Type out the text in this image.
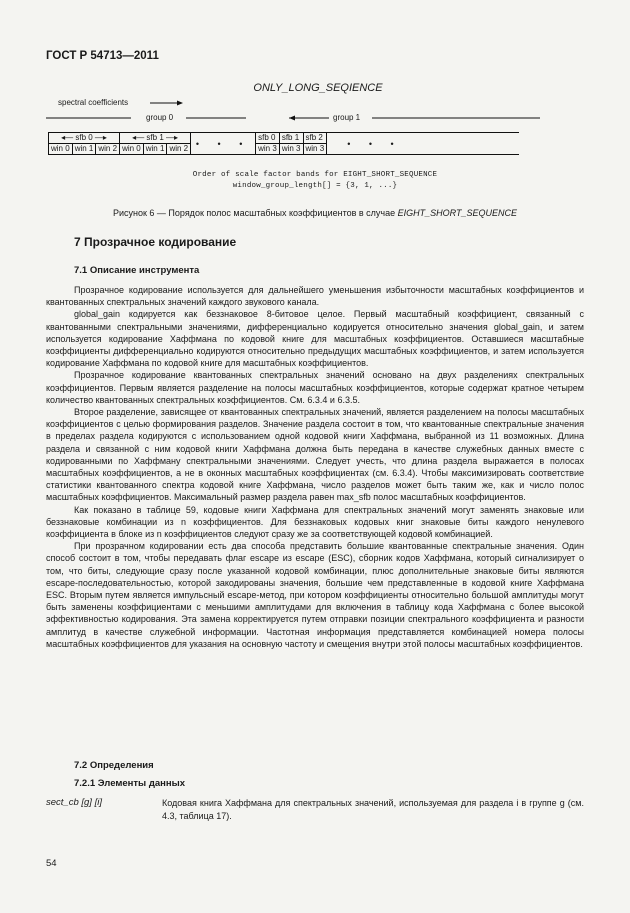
ГОСТ Р 54713—2011
ONLY_LONG_SEQIENCE
spectral coefficients
group 0	group 1
◂— sfb 0 —▸			◂— sfb 1 —▸			• • •	sfb 0	sfb 1	sfb 2	• • •
win 0	win 1	win 2	win 0	win 1	win 2		win 3	win 3	win 3	
Order of scale factor bands for EIGHT_SHORT_SEQUENCE
window_group_length[] = {3, 1, ...}
Рисунок 6 — Порядок полос масштабных коэффициентов в случае EIGHT_SHORT_SEQUENCE
7 Прозрачное кодирование
7.1 Описание инструмента

Прозрачное кодирование используется для дальнейшего уменьшения избыточности масштабных коэффициентов и квантованных спектральных значений каждого звукового канала.

global_gain кодируется как беззнаковое 8-битовое целое. Первый масштабный коэффициент, связанный с квантованными спектральными значениями, дифференциально кодируется относительно значения global_gain, и затем используется кодирование Хаффмана по кодовой книге для масштабных коэффициентов. Оставшиеся масштабные коэффициенты дифференциально кодируются относительно предыдущих масштабных коэффициентов, и затем используется кодирование Хаффмана по кодовой книге для масштабных коэффициентов.

Прозрачное кодирование квантованных спектральных значений основано на двух разделениях спектральных коэффициентов. Первым является разделение на полосы масштабных коэффициентов, которые содержат кратное четырем количество квантованных спектральных коэффициентов. См. 6.3.4 и 6.3.5.

Второе разделение, зависящее от квантованных спектральных значений, является разделением на полосы масштабных коэффициентов с целью формирования разделов. Значение раздела состоит в том, что квантованные спектральные значения в пределах раздела кодируются с использованием одной кодовой книги Хаффмана, выбранной из 11 возможных. Длина раздела и связанной с ним кодовой книги Хаффмана должна быть передана в качестве служебных данных вместе с кодированными по Хаффману спектральными значениями. Следует учесть, что длина раздела выражается в полосах масштабных коэффициентов, а не в оконных масштабных коэффициентах (см. 6.3.4). Чтобы максимизировать соответствие статистики квантованного спектра кодовой книге Хаффмана, число разделов может быть таким же, как и число полос масштабных коэффициентов. Максимальный размер раздела равен max_sfb полос масштабных коэффициентов.

Как показано в таблице 59, кодовые книги Хаффмана для спектральных значений могут заменять знаковые или беззнаковые комбинации из n коэффициентов. Для беззнаковых кодовых книг знаковые биты каждого ненулевого коэффициента в блоке из n коэффициентов следуют сразу же за соответствующей кодовой комбинацией.

При прозрачном кодировании есть два способа представить большие квантованные спектральные значения. Один способ состоит в том, чтобы передавать флаг escape из escape (ESC), сборник кодов Хаффмана, который сигнализирует о том, что биты, следующие сразу после указанной кодовой комбинации, плюс дополнительные знаковые биты являются escape-последовательностью, которой закодированы значения, большие чем представленные в кодовой книге Хаффмана ESC. Вторым путем является импульсный escape-метод, при котором коэффициенты относительно большой амплитуды могут быть заменены коэффициентами с меньшими амплитудами для включения в таблицу кода Хаффмана с более высокой эффективностью кодирования. Эта замена корректируется путем отправки позиции спектрального коэффициента и разности амплитуд в качестве служебной информации. Частотная информация представляется комбинацией номера полосы масштабных коэффициентов для указания на основную частоту и смещения внутри этой полосы масштабных коэффициентов.

7.2 Определения
7.2.1 Элементы данных
sect_cb [g] [i]	Кодовая книга Хаффмана для спектральных значений, используемая для раздела i в группе g (см. 4.3, таблица 17).
54
